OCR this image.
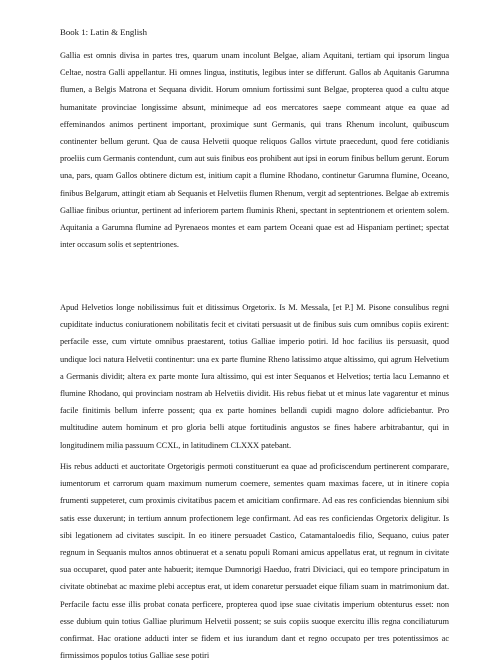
Book 1: Latin & English

Gallia est omnis divisa in partes tres, quarum unam incolunt Belgae, aliam Aquitani, tertiam qui ipsorum lingua Celtae, nostra Galli appellantur. Hi omnes lingua, institutis, legibus inter se differunt. Gallos ab Aquitanis Garumna flumen, a Belgis Matrona et Sequana dividit. Horum omnium fortissimi sunt Belgae, propterea quod a cultu atque humanitate provinciae longissime absunt, minimeque ad eos mercatores saepe commeant atque ea quae ad effeminandos animos pertinent important, proximique sunt Germanis, qui trans Rhenum incolunt, quibuscum continenter bellum gerunt. Qua de causa Helvetii quoque reliquos Gallos virtute praecedunt, quod fere cotidianis proeliis cum Germanis contendunt, cum aut suis finibus eos prohibent aut ipsi in eorum finibus bellum gerunt. Eorum una, pars, quam Gallos obtinere dictum est, initium capit a flumine Rhodano, continetur Garumna flumine, Oceano, finibus Belgarum, attingit etiam ab Sequanis et Helvetiis flumen Rhenum, vergit ad septentriones. Belgae ab extremis Galliae finibus oriuntur, pertinent ad inferiorem partem fluminis Rheni, spectant in septentrionem et orientem solem. Aquitania a Garumna flumine ad Pyrenaeos montes et eam partem Oceani quae est ad Hispaniam pertinet; spectat inter occasum solis et septentriones.

Apud Helvetios longe nobilissimus fuit et ditissimus Orgetorix. Is M. Messala, [et P.] M. Pisone consulibus regni cupiditate inductus coniurationem nobilitatis fecit et civitati persuasit ut de finibus suis cum omnibus copiis exirent: perfacile esse, cum virtute omnibus praestarent, totius Galliae imperio potiri. Id hoc facilius iis persuasit, quod undique loci natura Helvetii continentur: una ex parte flumine Rheno latissimo atque altissimo, qui agrum Helvetium a Germanis dividit; altera ex parte monte Iura altissimo, qui est inter Sequanos et Helvetios; tertia lacu Lemanno et flumine Rhodano, qui provinciam nostram ab Helvetiis dividit. His rebus fiebat ut et minus late vagarentur et minus facile finitimis bellum inferre possent; qua ex parte homines bellandi cupidi magno dolore adficiebantur. Pro multitudine autem hominum et pro gloria belli atque fortitudinis angustos se fines habere arbitrabantur, qui in longitudinem milia passuum CCXL, in latitudinem CLXXX patebant.

His rebus adducti et auctoritate Orgetorigis permoti constituerunt ea quae ad proficiscendum pertinerent comparare, iumentorum et carrorum quam maximum numerum coemere, sementes quam maximas facere, ut in itinere copia frumenti suppeteret, cum proximis civitatibus pacem et amicitiam confirmare. Ad eas res conficiendas biennium sibi satis esse duxerunt; in tertium annum profectionem lege confirmant. Ad eas res conficiendas Orgetorix deligitur. Is sibi legationem ad civitates suscipit. In eo itinere persuadet Castico, Catamantaloedis filio, Sequano, cuius pater regnum in Sequanis multos annos obtinuerat et a senatu populi Romani amicus appellatus erat, ut regnum in civitate sua occuparet, quod pater ante habuerit; itemque Dumnorigi Haeduo, fratri Diviciaci, qui eo tempore principatum in civitate obtinebat ac maxime plebi acceptus erat, ut idem conaretur persuadet eique filiam suam in matrimonium dat. Perfacile factu esse illis probat conata perficere, propterea quod ipse suae civitatis imperium obtenturus esset: non esse dubium quin totius Galliae plurimum Helvetii possent; se suis copiis suoque exercitu illis regna conciliaturum confirmat. Hac oratione adducti inter se fidem et ius iurandum dant et regno occupato per tres potentissimos ac firmissimos populos totius Galliae sese potiri
